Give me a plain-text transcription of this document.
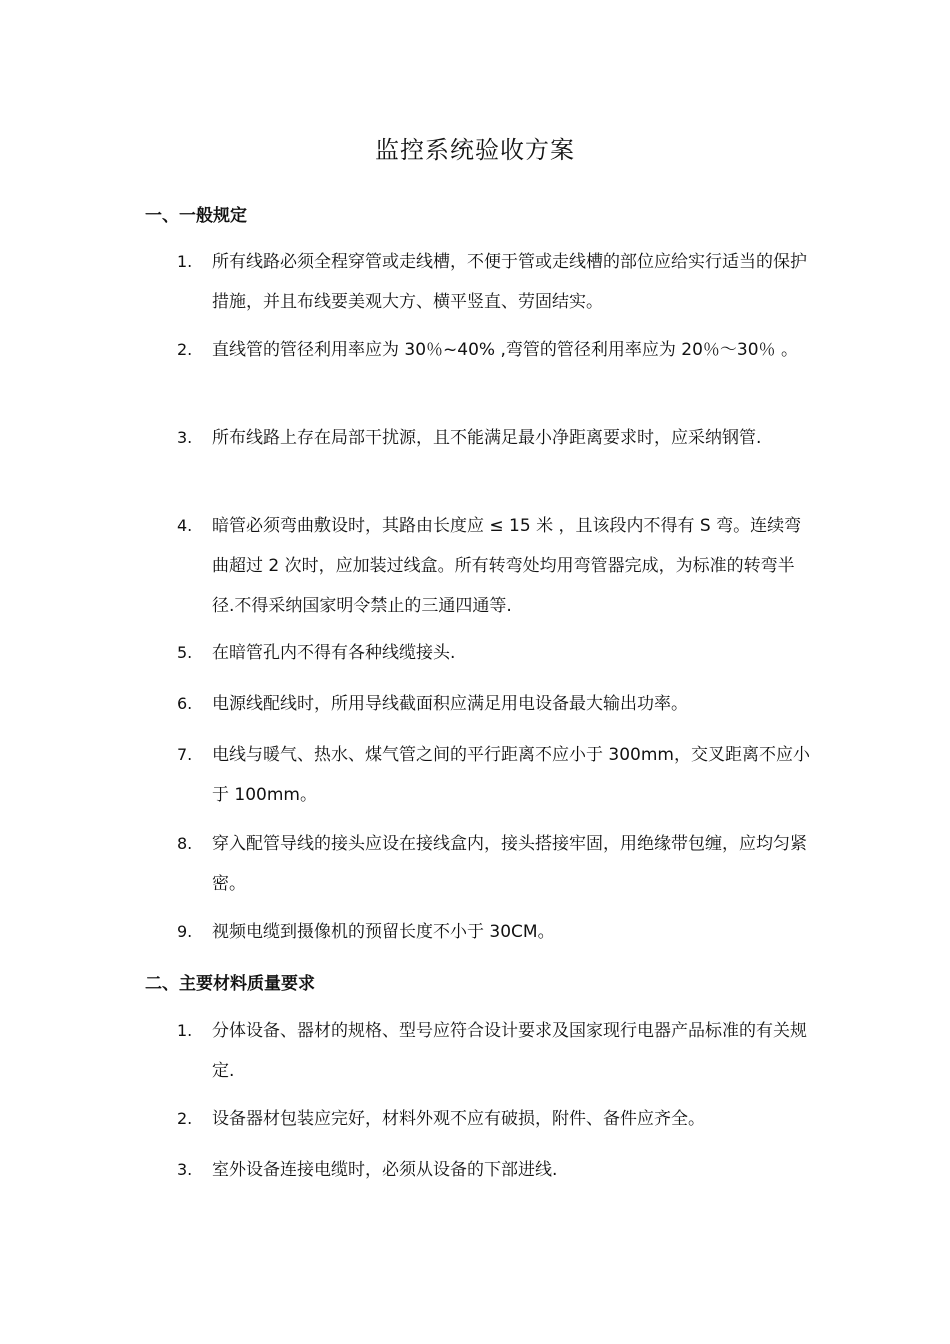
监控系统验收方案
一、一般规定
1.	所有线路必须全程穿管或走线槽，不便于管或走线槽的部位应给实行适当的保护措施，并且布线要美观大方、横平竖直、劳固结实。
2.	直线管的管径利用率应为 30％~40% ,弯管的管径利用率应为 20％～30％ 。
3.	所布线路上存在局部干扰源，且不能满足最小净距离要求时，应采纳钢管.
4.	暗管必须弯曲敷设时，其路由长度应 ≤ 15 米 ，且该段内不得有 S 弯。连续弯曲超过 2 次时，应加装过线盒。所有转弯处均用弯管器完成，为标准的转弯半径.不得采纳国家明令禁止的三通四通等.
5.	在暗管孔内不得有各种线缆接头.
6.	电源线配线时，所用导线截面积应满足用电设备最大输出功率。
7.	电线与暖气、热水、煤气管之间的平行距离不应小于 300mm，交叉距离不应小于 100mm。
8.	穿入配管导线的接头应设在接线盒内，接头搭接牢固，用绝缘带包缠，应均匀紧密。
9.	视频电缆到摄像机的预留长度不小于 30CM。
二、主要材料质量要求
1.	分体设备、器材的规格、型号应符合设计要求及国家现行电器产品标准的有关规定.
2.	设备器材包装应完好，材料外观不应有破损，附件、备件应齐全。
3.	室外设备连接电缆时，必须从设备的下部进线.
